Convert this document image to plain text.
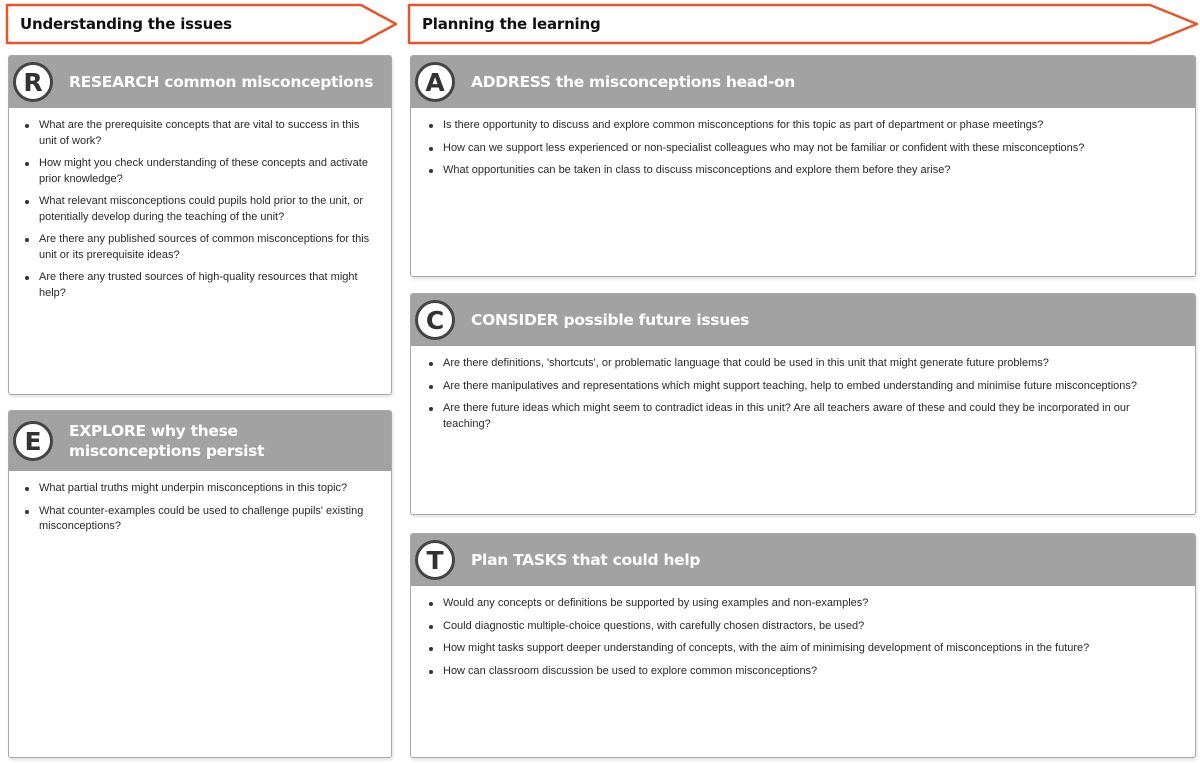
Understanding the issues	Planning the learning
R	RESEARCH common misconceptions
What are the prerequisite concepts that are vital to success in this unit of work?
How might you check understanding of these concepts and activate prior knowledge?
What relevant misconceptions could pupils hold prior to the unit, or potentially develop during the teaching of the unit?
Are there any published sources of common misconceptions for this unit or its prerequisite ideas?
Are there any trusted sources of high-quality resources that might help?
E	EXPLORE why these misconceptions persist
What partial truths might underpin misconceptions in this topic?
What counter-examples could be used to challenge pupils' existing misconceptions?
A	ADDRESS the misconceptions head-on
Is there opportunity to discuss and explore common misconceptions for this topic as part of department or phase meetings?
How can we support less experienced or non-specialist colleagues who may not be familiar or confident with these misconceptions?
What opportunities can be taken in class to discuss misconceptions and explore them before they arise?
C	CONSIDER possible future issues
Are there definitions, 'shortcuts', or problematic language that could be used in this unit that might generate future problems?
Are there manipulatives and representations which might support teaching, help to embed understanding and minimise future misconceptions?
Are there future ideas which might seem to contradict ideas in this unit? Are all teachers aware of these and could they be incorporated in our teaching?
T	Plan TASKS that could help
Would any concepts or definitions be supported by using examples and non-examples?
Could diagnostic multiple-choice questions, with carefully chosen distractors, be used?
How might tasks support deeper understanding of concepts, with the aim of minimising development of misconceptions in the future?
How can classroom discussion be used to explore common misconceptions?
